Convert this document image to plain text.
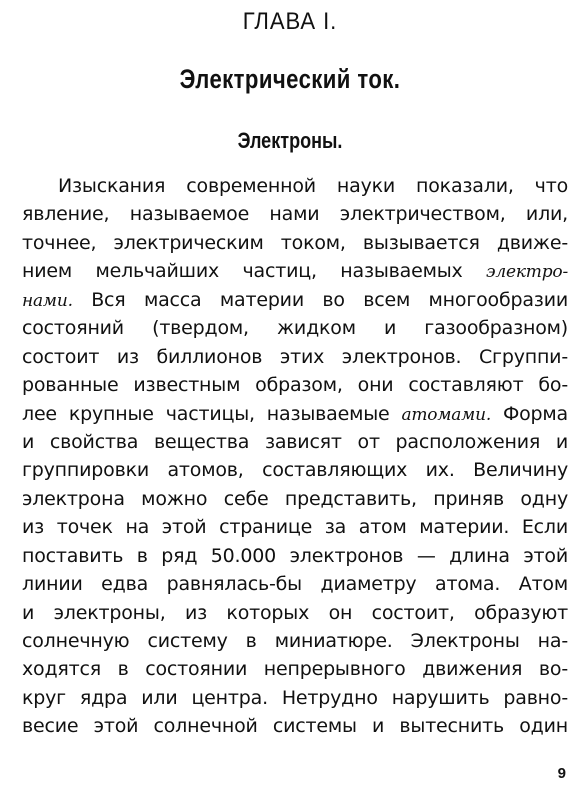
ГЛАВА I.
Электрический ток.
Электроны.
Изыскания современной науки показали, что
явление, называемое нами электричеством, или,
точнее, электрическим током, вызывается движе-
нием мельчайших частиц, называемых электро-
нами. Вся масса материи во всем многообразии
состояний (твердом, жидком и газообразном)
состоит из биллионов этих электронов. Сгруппи-
рованные известным образом, они составляют бо-
лее крупные частицы, называемые атомами. Форма
и свойства вещества зависят от расположения и
группировки атомов, составляющих их. Величину
электрона можно себе представить, приняв одну
из точек на этой странице за атом материи. Если
поставить в ряд 50.000 электронов — длина этой
линии едва равнялась-бы диаметру атома. Атом
и электроны, из которых он состоит, образуют
солнечную систему в миниатюре. Электроны на-
ходятся в состоянии непрерывного движения во-
круг ядра или центра. Нетрудно нарушить равно-
весие этой солнечной системы и вытеснить один
9
